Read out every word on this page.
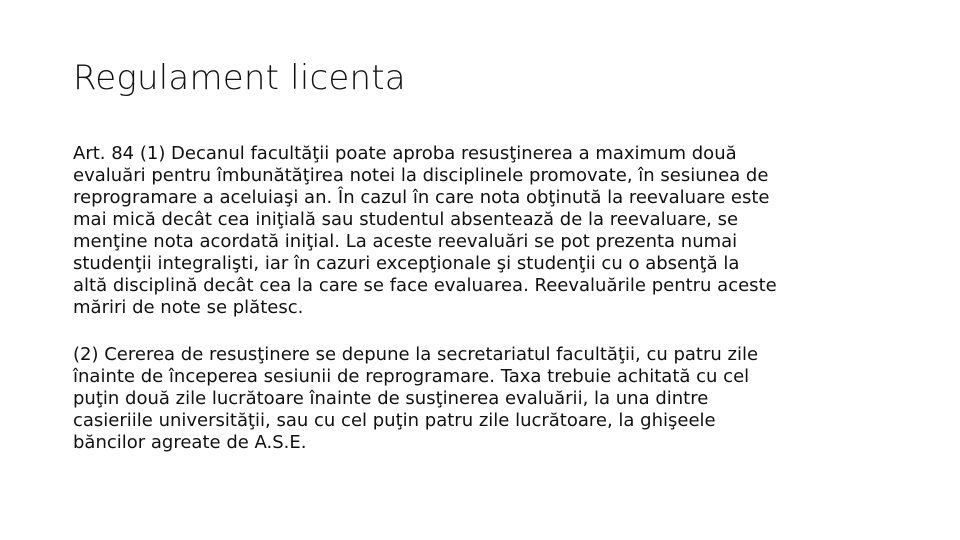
Regulament licenta

Art. 84 (1) Decanul facultăţii poate aproba resusţinerea a maximum două
evaluări pentru îmbunătăţirea notei la disciplinele promovate, în sesiunea de
reprogramare a aceluiaşi an. În cazul în care nota obţinută la reevaluare este
mai mică decât cea iniţială sau studentul absentează de la reevaluare, se
menţine nota acordată iniţial. La aceste reevaluări se pot prezenta numai
studenţii integralişti, iar în cazuri excepţionale şi studenţii cu o absenţă la
altă disciplină decât cea la care se face evaluarea. Reevaluările pentru aceste
măriri de note se plătesc.

(2) Cererea de resusţinere se depune la secretariatul facultăţii, cu patru zile
înainte de începerea sesiunii de reprogramare. Taxa trebuie achitată cu cel
puţin două zile lucrătoare înainte de susţinerea evaluării, la una dintre
casieriile universităţii, sau cu cel puţin patru zile lucrătoare, la ghişeele
băncilor agreate de A.S.E.
